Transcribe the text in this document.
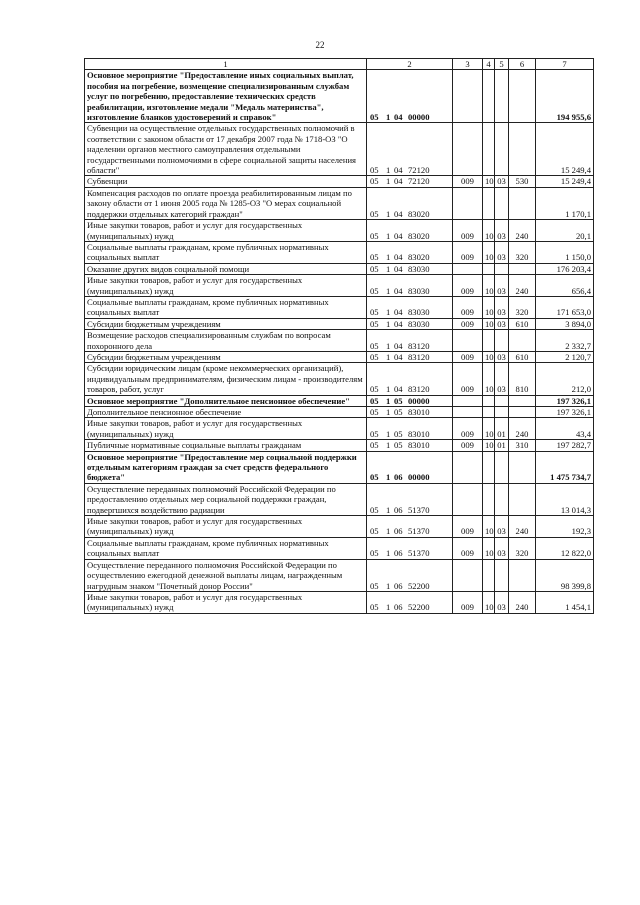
22
1	2	3	4	5	6	7
Основное мероприятие "Предоставление иных социальных выплат, пособия на погребение, возмещение специализированным службам услуг по погребению, предоставление технических средств реабилитации, изготовление медали "Медаль материнства", изготовление бланков удостоверений и справок"	05 1 04 00000					194 955,6
Субвенции на осуществление отдельных государственных полномочий в соответствии с законом области от 17 декабря 2007 года № 1718-ОЗ "О наделении органов местного самоуправления отдельными государственными полномочиями в сфере социальной защиты населения области"	05 1 04 72120					15 249,4
Субвенции	05 1 04 72120	009	10	03	530	15 249,4
Компенсация расходов по оплате проезда реабилитированным лицам по закону области от 1 июня 2005 года № 1285-ОЗ "О мерах социальной поддержки отдельных категорий граждан"	05 1 04 83020					1 170,1
Иные закупки товаров, работ и услуг для государственных (муниципальных) нужд	05 1 04 83020	009	10	03	240	20,1
Социальные выплаты гражданам, кроме публичных нормативных социальных выплат	05 1 04 83020	009	10	03	320	1 150,0
Оказание других видов социальной помощи	05 1 04 83030					176 203,4
Иные закупки товаров, работ и услуг для государственных (муниципальных) нужд	05 1 04 83030	009	10	03	240	656,4
Социальные выплаты гражданам, кроме публичных нормативных социальных выплат	05 1 04 83030	009	10	03	320	171 653,0
Субсидии бюджетным учреждениям	05 1 04 83030	009	10	03	610	3 894,0
Возмещение расходов специализированным службам по вопросам похоронного дела	05 1 04 83120					2 332,7
Субсидии бюджетным учреждениям	05 1 04 83120	009	10	03	610	2 120,7
Субсидии юридическим лицам (кроме некоммерческих организаций), индивидуальным предпринимателям, физическим лицам - производителям товаров, работ, услуг	05 1 04 83120	009	10	03	810	212,0
Основное мероприятие "Дополнительное пенсионное обеспечение"	05 1 05 00000					197 326,1
Дополнительное пенсионное обеспечение	05 1 05 83010					197 326,1
Иные закупки товаров, работ и услуг для государственных (муниципальных) нужд	05 1 05 83010	009	10	01	240	43,4
Публичные нормативные социальные выплаты гражданам	05 1 05 83010	009	10	01	310	197 282,7
Основное мероприятие "Предоставление мер социальной поддержки отдельным категориям граждан за счет средств федерального бюджета"	05 1 06 00000					1 475 734,7
Осуществление переданных полномочий Российской Федерации по предоставлению отдельных мер социальной поддержки граждан, подвергшихся воздействию радиации	05 1 06 51370					13 014,3
Иные закупки товаров, работ и услуг для государственных (муниципальных) нужд	05 1 06 51370	009	10	03	240	192,3
Социальные выплаты гражданам, кроме публичных нормативных социальных выплат	05 1 06 51370	009	10	03	320	12 822,0
Осуществление переданного полномочия Российской Федерации по осуществлению ежегодной денежной выплаты лицам, награжденным нагрудным знаком "Почетный донор России"	05 1 06 52200					98 399,8
Иные закупки товаров, работ и услуг для государственных (муниципальных) нужд	05 1 06 52200	009	10	03	240	1 454,1
